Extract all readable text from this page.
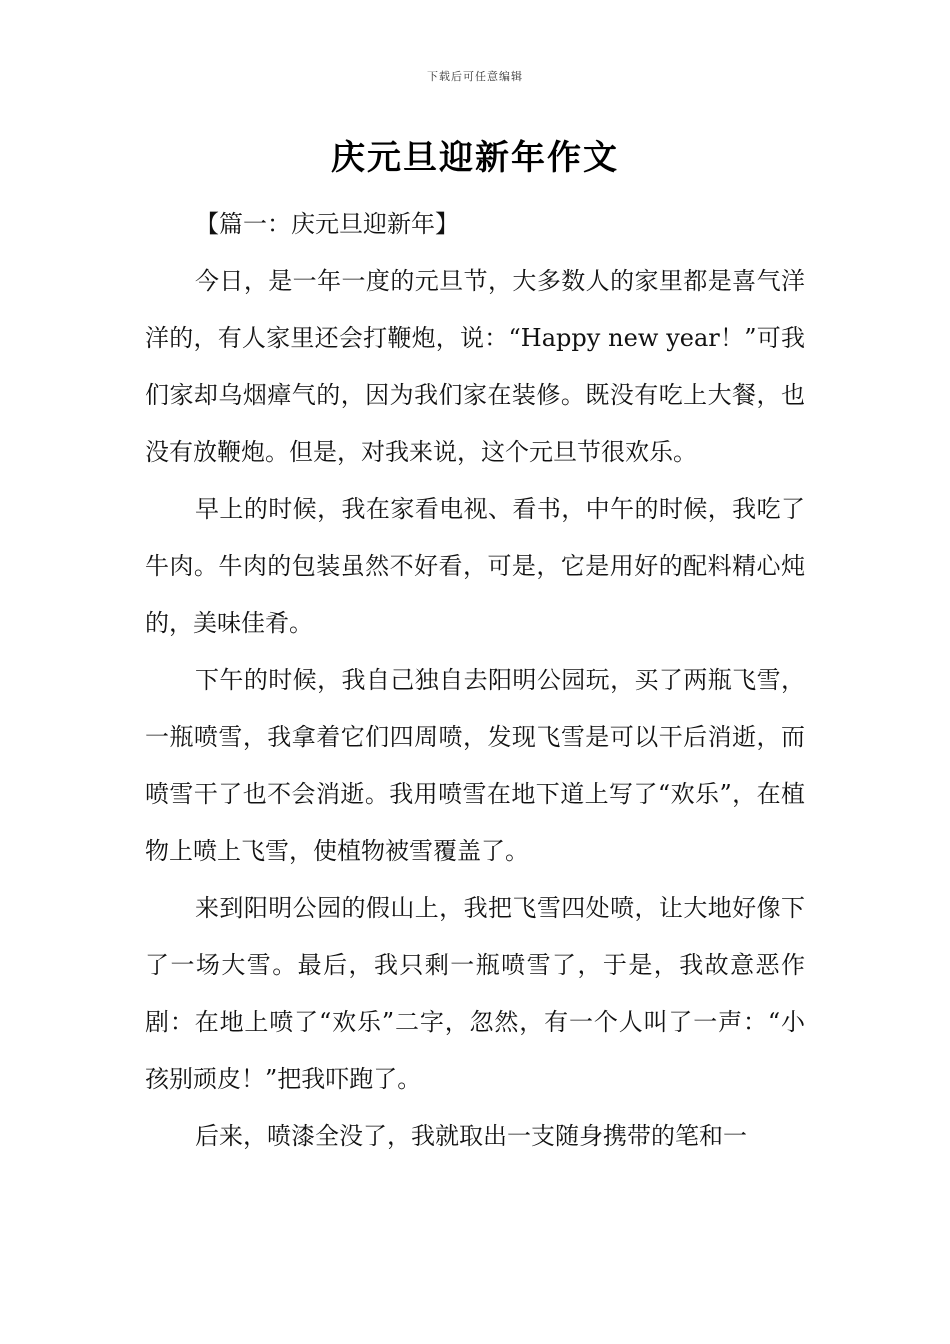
下载后可任意编辑
庆元旦迎新年作文

【篇一：庆元旦迎新年】

今日，是一年一度的元旦节，大多数人的家里都是喜气洋洋的，有人家里还会打鞭炮，说：“Happy new year！”可我们家却乌烟瘴气的，因为我们家在装修。既没有吃上大餐，也没有放鞭炮。但是，对我来说，这个元旦节很欢乐。

早上的时候，我在家看电视、看书，中午的时候，我吃了牛肉。牛肉的包装虽然不好看，可是，它是用好的配料精心炖的，美味佳肴。

下午的时候，我自己独自去阳明公园玩，买了两瓶飞雪，一瓶喷雪，我拿着它们四周喷，发现飞雪是可以干后消逝，而喷雪干了也不会消逝。我用喷雪在地下道上写了“欢乐”，在植物上喷上飞雪，使植物被雪覆盖了。

来到阳明公园的假山上，我把飞雪四处喷，让大地好像下了一场大雪。最后，我只剩一瓶喷雪了，于是，我故意恶作剧：在地上喷了“欢乐”二字，忽然，有一个人叫了一声：“小孩别顽皮！”把我吓跑了。

后来，喷漆全没了，我就取出一支随身携带的笔和一
